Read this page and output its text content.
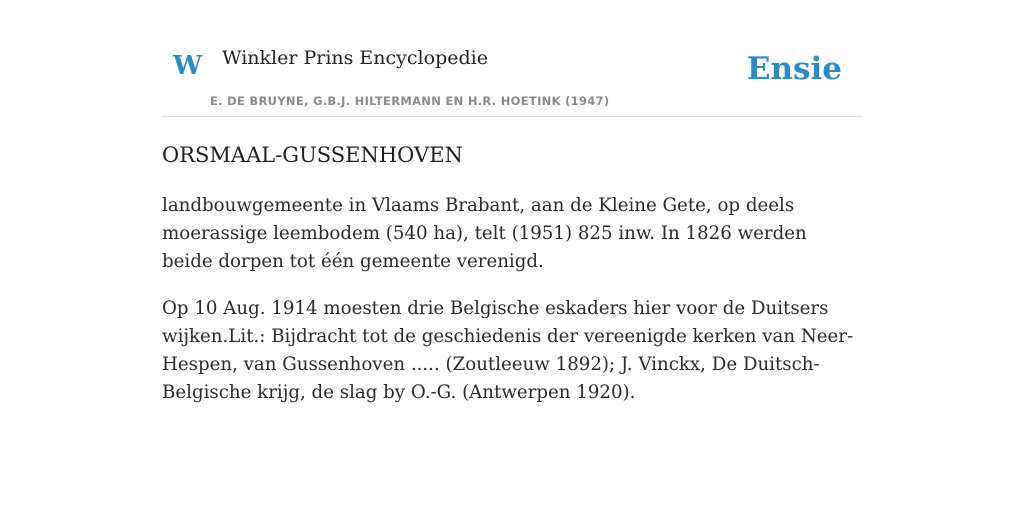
W Winkler Prins Encyclopedie
E. DE BRUYNE, G.B.J. HILTERMANN EN H.R. HOETINK (1947)
Ensie
ORSMAAL-GUSSENHOVEN

landbouwgemeente in Vlaams Brabant, aan de Kleine Gete, op deels moerassige leembodem (540 ha), telt (1951) 825 inw. In 1826 werden beide dorpen tot één gemeente verenigd.

Op 10 Aug. 1914 moesten drie Belgische eskaders hier voor de Duitsers wijken.Lit.: Bijdracht tot de geschiedenis der vereenigde kerken van Neer-Hespen, van Gussenhoven ..... (Zoutleeuw 1892); J. Vinckx, De Duitsch-Belgische krijg, de slag by O.-G. (Antwerpen 1920).
